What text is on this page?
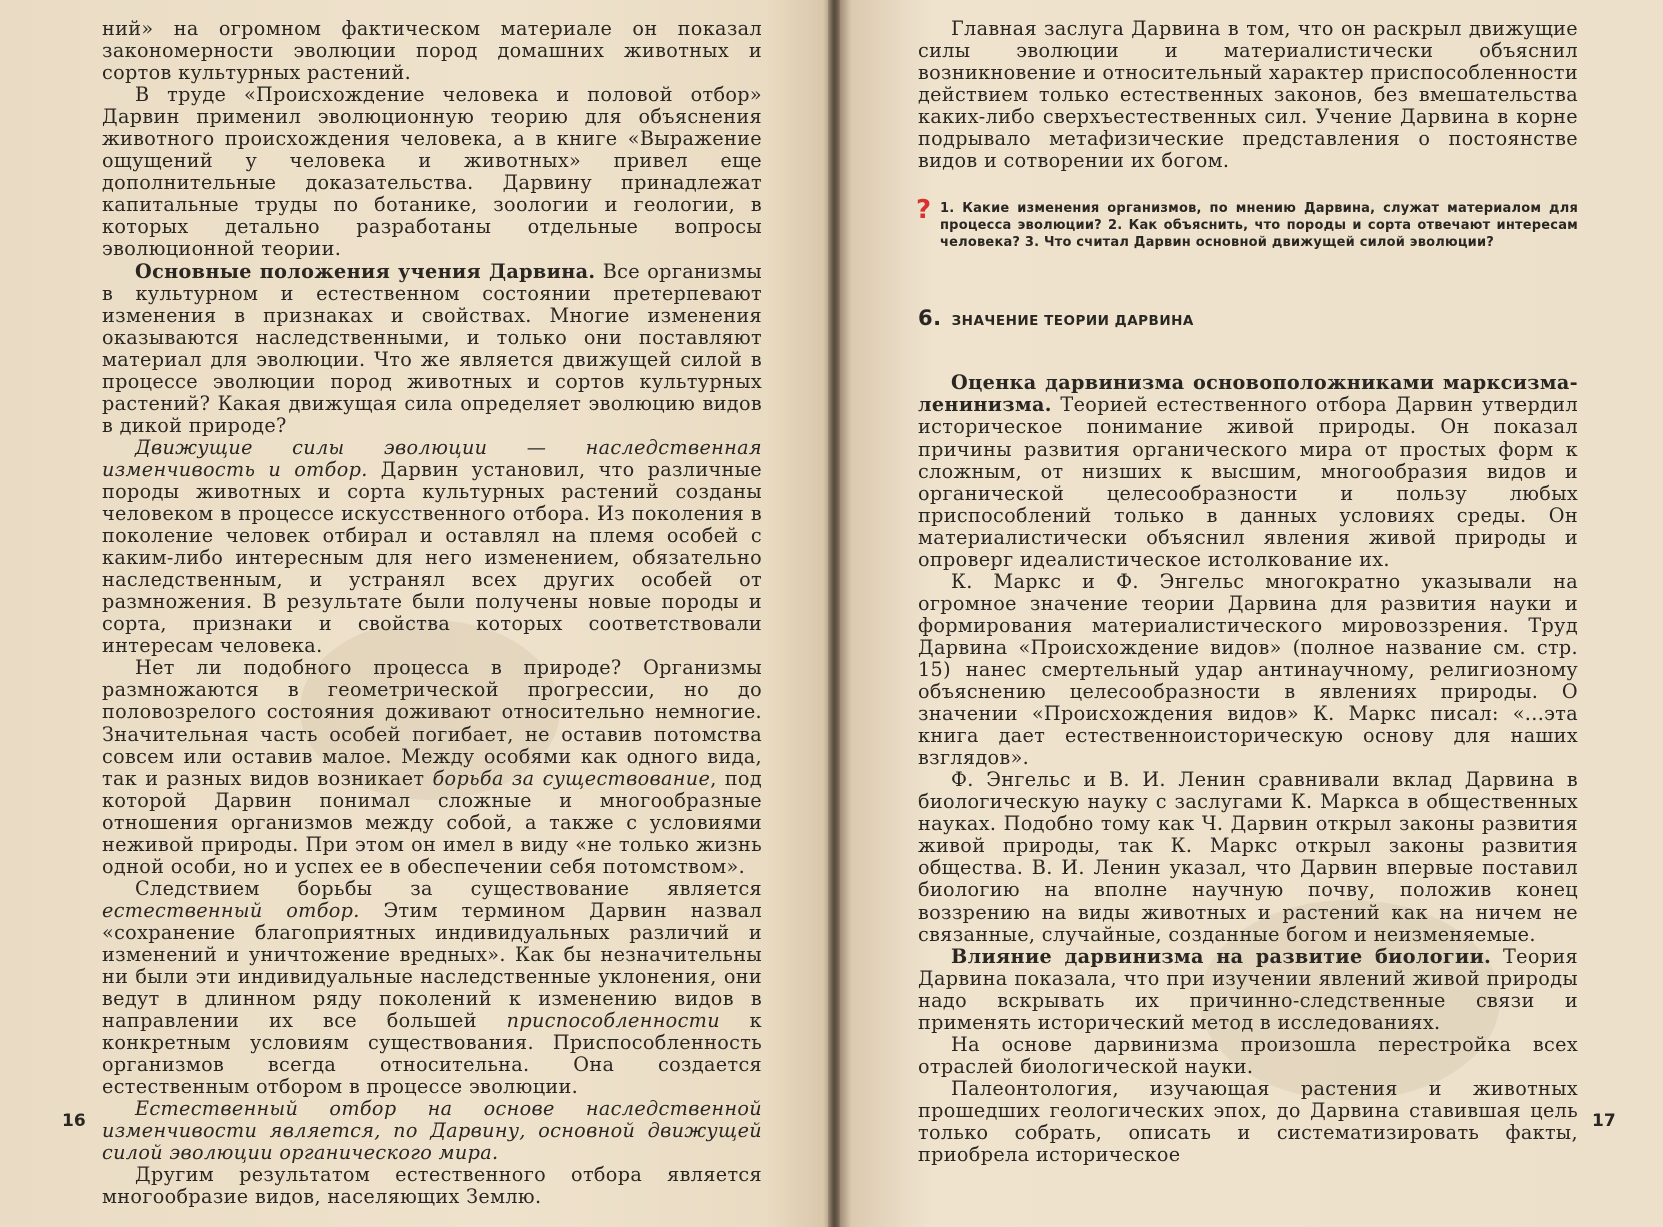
ний» на огромном фактическом материале он показал закономерности эволюции пород домашних животных и сортов культурных растений.

В труде «Происхождение человека и половой отбор» Дарвин применил эволюционную теорию для объяснения животного происхождения человека, а в книге «Выражение ощущений у человека и животных» привел еще дополнительные доказательства. Дарвину принадлежат капитальные труды по ботанике, зоологии и геологии, в которых детально разработаны отдельные вопросы эволюционной теории.

Основные положения учения Дарвина. Все организмы в культурном и естественном состоянии претерпевают изменения в признаках и свойствах. Многие изменения оказываются наследственными, и только они поставляют материал для эволюции. Что же является движущей силой в процессе эволюции пород животных и сортов культурных растений? Какая движущая сила определяет эволюцию видов в дикой природе?

Движущие силы эволюции — наследственная изменчивость и отбор. Дарвин установил, что различные породы животных и сорта культурных растений созданы человеком в процессе искусственного отбора. Из поколения в поколение человек отбирал и оставлял на племя особей с каким-либо интересным для него изменением, обязательно наследственным, и устранял всех других особей от размножения. В результате были получены новые породы и сорта, признаки и свойства которых соответствовали интересам человека.

Нет ли подобного процесса в природе? Организмы размножаются в геометрической прогрессии, но до половозрелого состояния доживают относительно немногие. Значительная часть особей погибает, не оставив потомства совсем или оставив малое. Между особями как одного вида, так и разных видов возникает борьба за существование, под которой Дарвин понимал сложные и многообразные отношения организмов между собой, а также с условиями неживой природы. При этом он имел в виду «не только жизнь одной особи, но и успех ее в обеспечении себя потомством».

Следствием борьбы за существование является естественный отбор. Этим термином Дарвин назвал «сохранение благоприятных индивидуальных различий и изменений и уничтожение вредных». Как бы незначительны ни были эти индивидуальные наследственные уклонения, они ведут в длинном ряду поколений к изменению видов в направлении их все большей приспособленности к конкретным условиям существования. Приспособленность организмов всегда относительна. Она создается естественным отбором в процессе эволюции.

Естественный отбор на основе наследственной изменчивости является, по Дарвину, основной движущей силой эволюции органического мира.

Другим результатом естественного отбора является многообразие видов, населяющих Землю.

16

Главная заслуга Дарвина в том, что он раскрыл движущие силы эволюции и материалистически объяснил возникновение и относительный характер приспособленности действием только естественных законов, без вмешательства каких-либо сверхъестественных сил. Учение Дарвина в корне подрывало метафизические представления о постоянстве видов и сотворении их богом.

? 1. Какие изменения организмов, по мнению Дарвина, служат материалом для процесса эволюции? 2. Как объяснить, что породы и сорта отвечают интересам человека? 3. Что считал Дарвин основной движущей силой эволюции?
6. ЗНАЧЕНИЕ ТЕОРИИ ДАРВИНА

Оценка дарвинизма основоположниками марксизма-ленинизма. Теорией естественного отбора Дарвин утвердил историческое понимание живой природы. Он показал причины развития органического мира от простых форм к сложным, от низших к высшим, многообразия видов и органической целесообразности и пользу любых приспособлений только в данных условиях среды. Он материалистически объяснил явления живой природы и опроверг идеалистическое истолкование их.

К. Маркс и Ф. Энгельс многократно указывали на огромное значение теории Дарвина для развития науки и формирования материалистического мировоззрения. Труд Дарвина «Происхождение видов» (полное название см. стр. 15) нанес смертельный удар антинаучному, религиозному объяснению целесообразности в явлениях природы. О значении «Происхождения видов» К. Маркс писал: «...эта книга дает естественноисторическую основу для наших взглядов».

Ф. Энгельс и В. И. Ленин сравнивали вклад Дарвина в биологическую науку с заслугами К. Маркса в общественных науках. Подобно тому как Ч. Дарвин открыл законы развития живой природы, так К. Маркс открыл законы развития общества. В. И. Ленин указал, что Дарвин впервые поставил биологию на вполне научную почву, положив конец воззрению на виды животных и растений как на ничем не связанные, случайные, созданные богом и неизменяемые.

Влияние дарвинизма на развитие биологии. Теория Дарвина показала, что при изучении явлений живой природы надо вскрывать их причинно-следственные связи и применять исторический метод в исследованиях.

На основе дарвинизма произошла перестройка всех отраслей биологической науки.

Палеонтология, изучающая растения и животных прошедших геологических эпох, до Дарвина ставившая цель только собрать, описать и систематизировать факты, приобрела историческое

17
